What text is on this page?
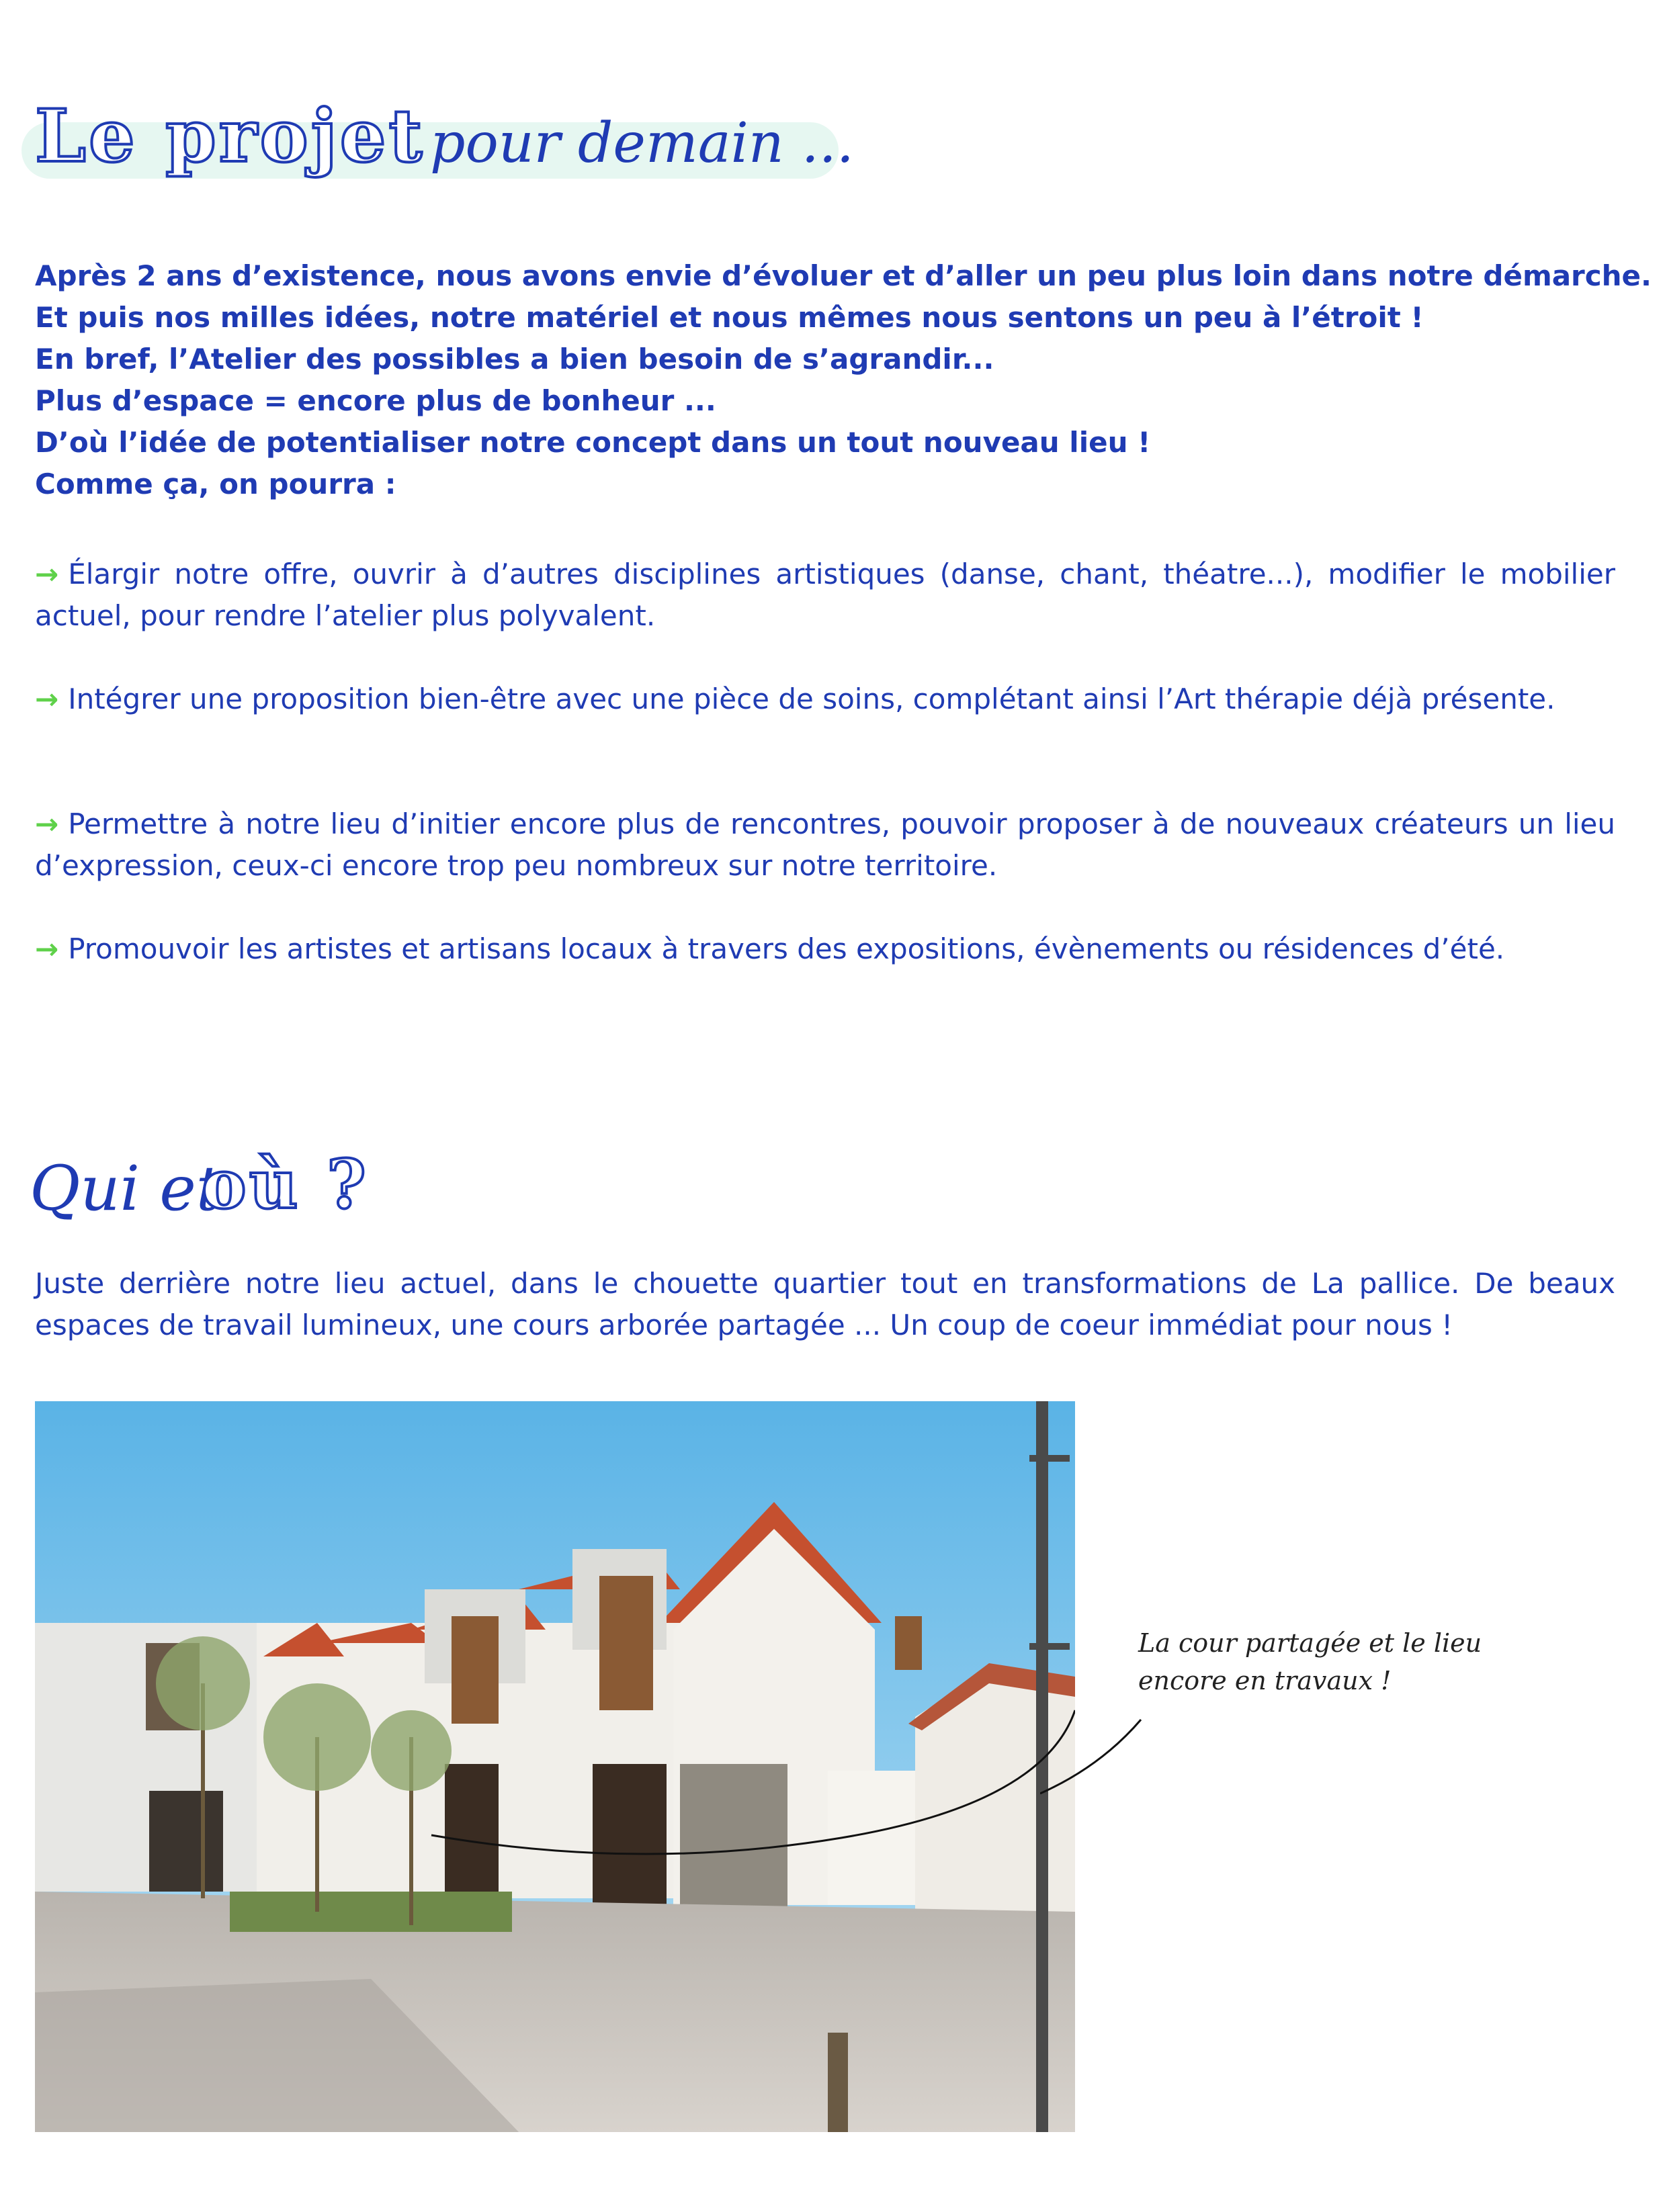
Le projet pour demain ...
Après 2 ans d’existence, nous avons envie d’évoluer et d’aller un peu plus loin dans notre démarche.
Et puis nos milles idées, notre matériel et nous mêmes nous sentons un peu à l’étroit !
En bref, l’Atelier des possibles a bien besoin de s’agrandir...
Plus d’espace = encore plus de bonheur ...
D’où l’idée de potentialiser notre concept dans un tout nouveau lieu !
Comme ça, on pourra :

→ Élargir notre offre, ouvrir à d’autres disciplines artistiques (danse, chant, théatre...), modifier le mobilier actuel, pour rendre l’atelier plus polyvalent.

→ Intégrer une proposition bien-être avec une pièce de soins, complétant ainsi l’Art thérapie déjà présente.

→ Permettre à notre lieu d’initier encore plus de rencontres, pouvoir proposer à de nouveaux créateurs un lieu d’expression, ceux-ci encore trop peu nombreux sur notre territoire.

→ Promouvoir les artistes et artisans locaux à travers des expositions, évènements ou résidences d’été.

Qui et
où ?

Juste derrière notre lieu actuel, dans le chouette quartier tout en transformations de La pallice. De beaux espaces de travail lumineux, une cours arborée partagée ... Un coup de coeur immédiat pour nous !

La cour partagée et le lieu
encore en travaux !
